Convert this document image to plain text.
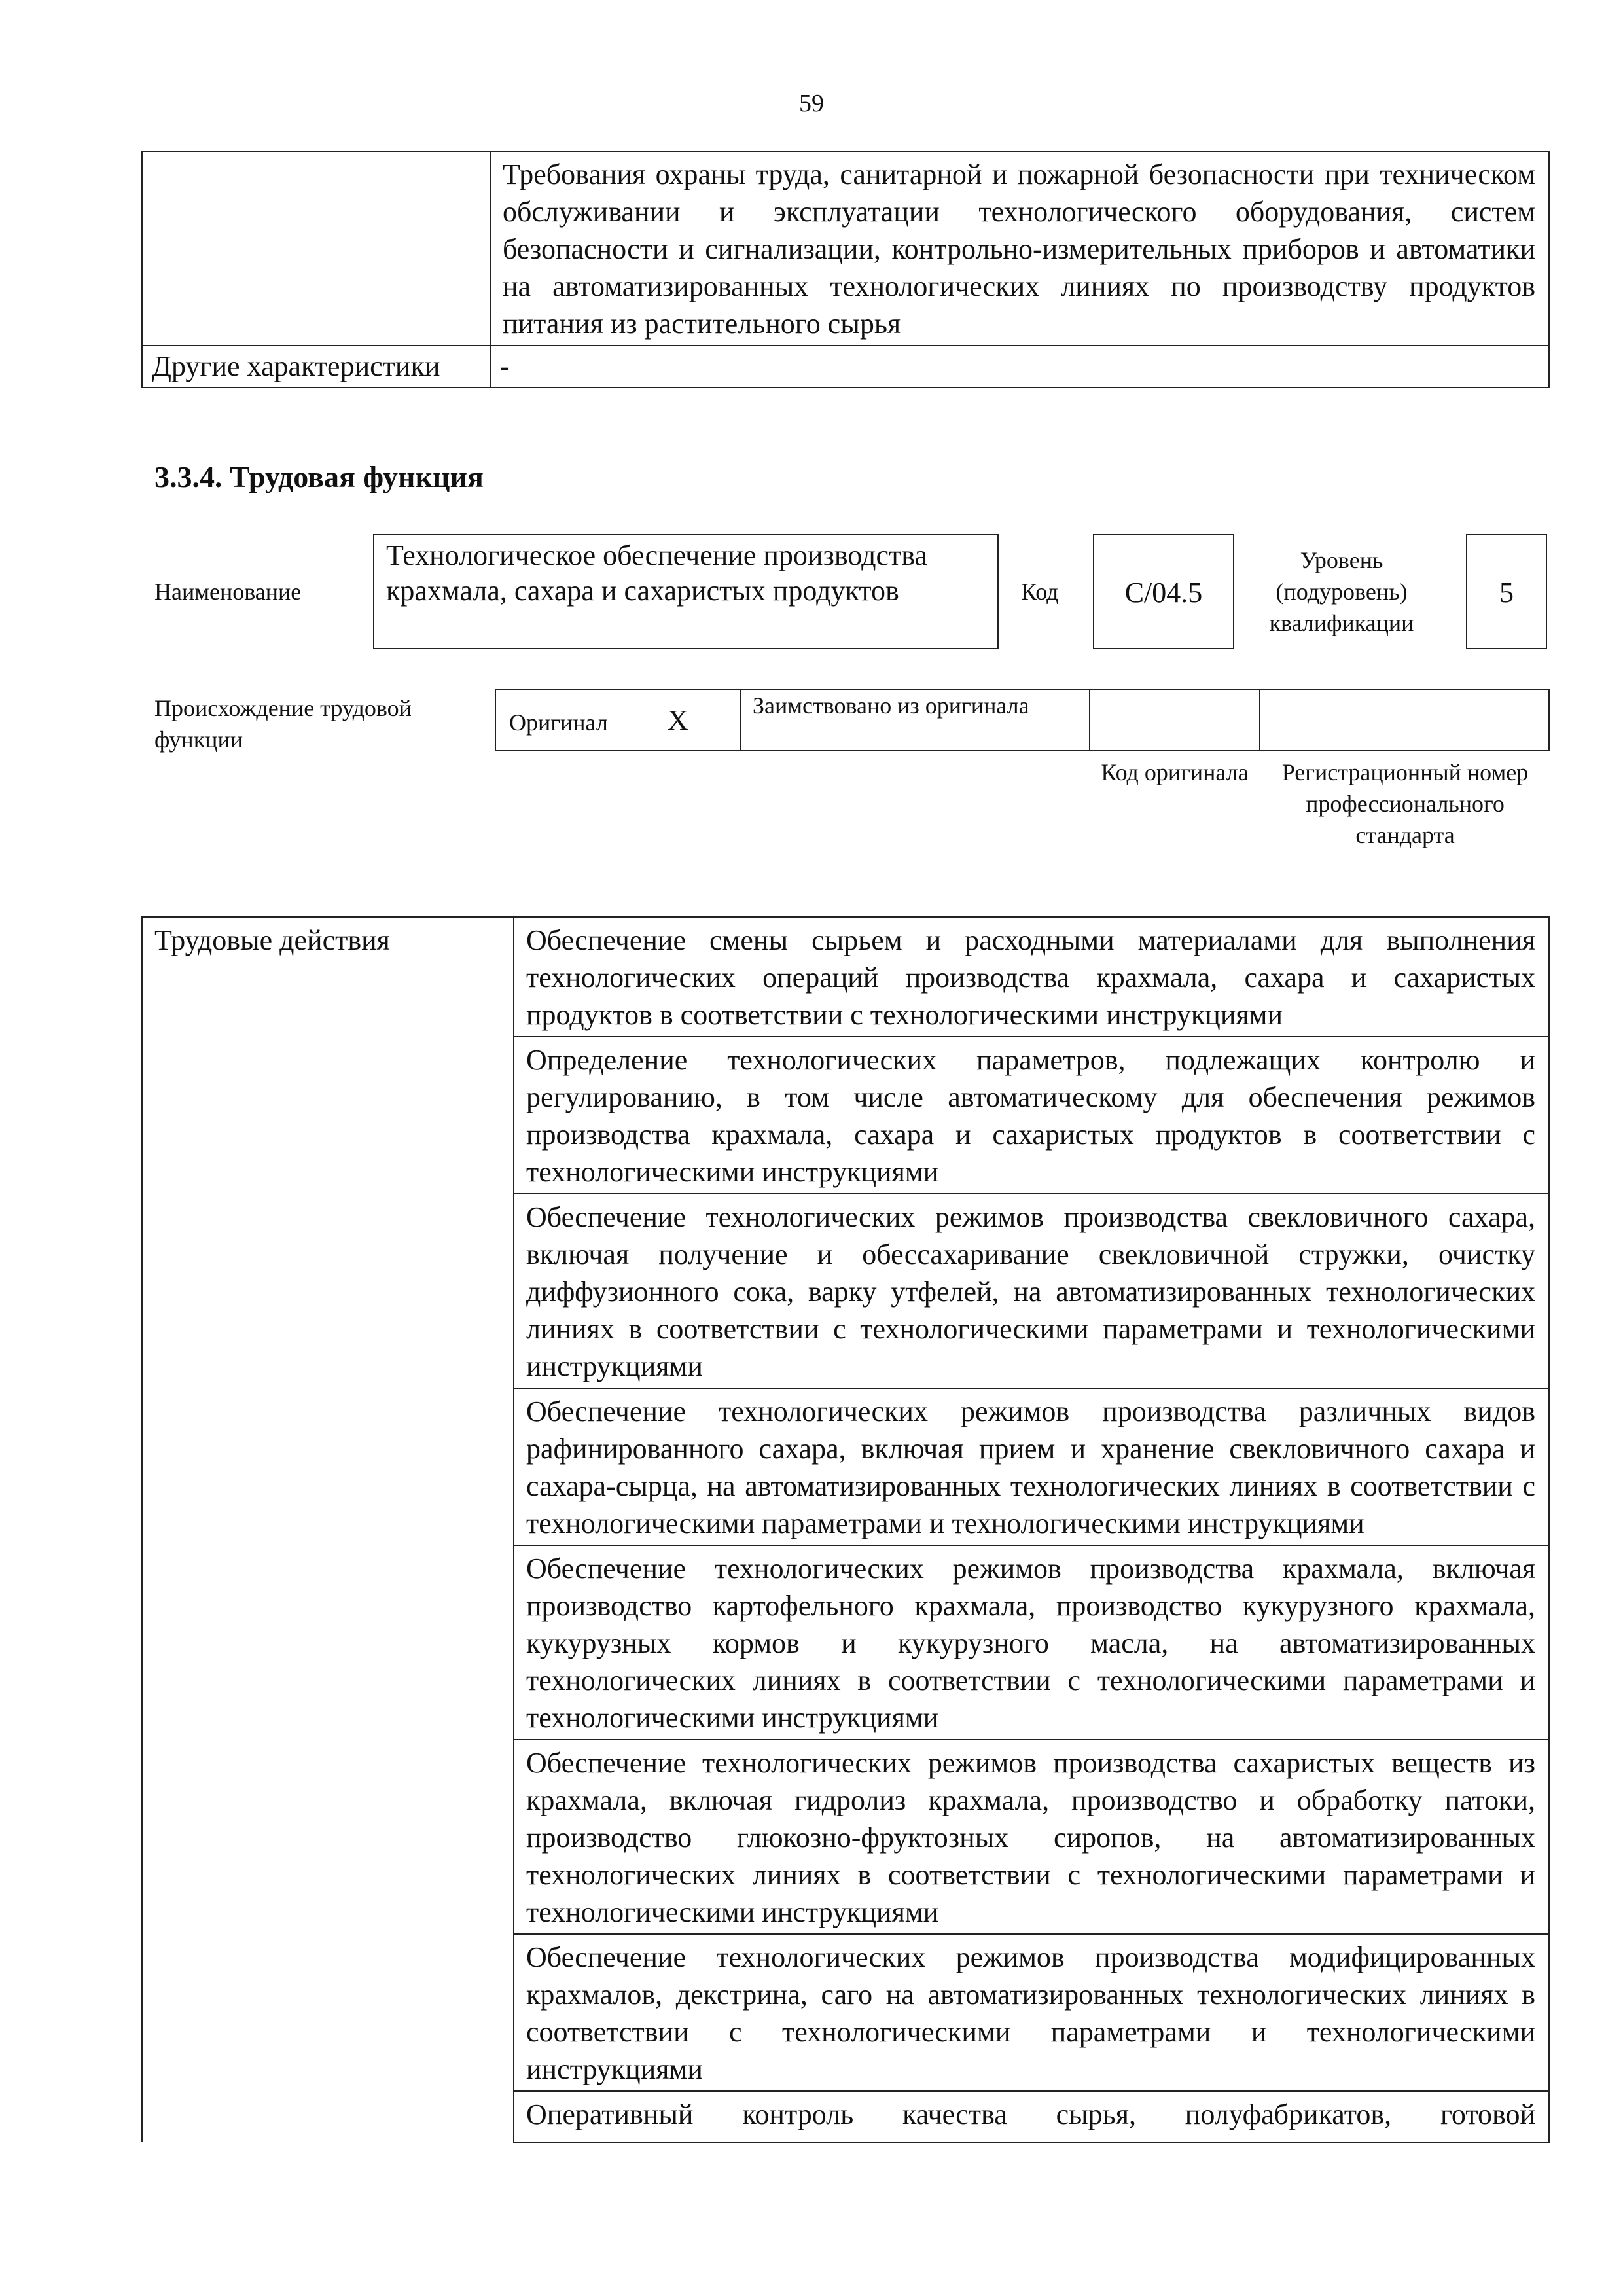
59
	Требования охраны труда, санитарной и пожарной безопасности при техническом обслуживании и эксплуатации технологического оборудования, систем безопасности и сигнализации, контрольно-измерительных приборов и автоматики на автоматизированных технологических линиях по производству продуктов питания из растительного сырья
Другие характеристики	-
3.3.4. Трудовая функция
Наименование
Технологическое обеспечение производства крахмала, сахара и сахаристых продуктов	Код	C/04.5
Уровень (подуровень) квалификации
5
Происхождение трудовой функции
Оригинал X	Заимствовано из оригинала
Код оригинала	Регистрационный номер профессионального стандарта
Трудовые действия	Обеспечение смены сырьем и расходными материалами для выполнения технологических операций производства крахмала, сахара и сахаристых продуктов в соответствии с технологическими инструкциями
Определение технологических параметров, подлежащих контролю и регулированию, в том числе автоматическому для обеспечения режимов производства крахмала, сахара и сахаристых продуктов в соответствии с технологическими инструкциями
Обеспечение технологических режимов производства свекловичного сахара, включая получение и обессахаривание свекловичной стружки, очистку диффузионного сока, варку утфелей, на автоматизированных технологических линиях в соответствии с технологическими параметрами и технологическими инструкциями
Обеспечение технологических режимов производства различных видов рафинированного сахара, включая прием и хранение свекловичного сахара и сахара-сырца, на автоматизированных технологических линиях в соответствии с технологическими параметрами и технологическими инструкциями
Обеспечение технологических режимов производства крахмала, включая производство картофельного крахмала, производство кукурузного крахмала, кукурузных кормов и кукурузного масла, на автоматизированных технологических линиях в соответствии с технологическими параметрами и технологическими инструкциями
Обеспечение технологических режимов производства сахаристых веществ из крахмала, включая гидролиз крахмала, производство и обработку патоки, производство глюкозно-фруктозных сиропов, на автоматизированных технологических линиях в соответствии с технологическими параметрами и технологическими инструкциями
Обеспечение технологических режимов производства модифицированных крахмалов, декстрина, саго на автоматизированных технологических линиях в соответствии с технологическими параметрами и технологическими инструкциями

Оперативный контроль качества сырья, полуфабрикатов, готовой
